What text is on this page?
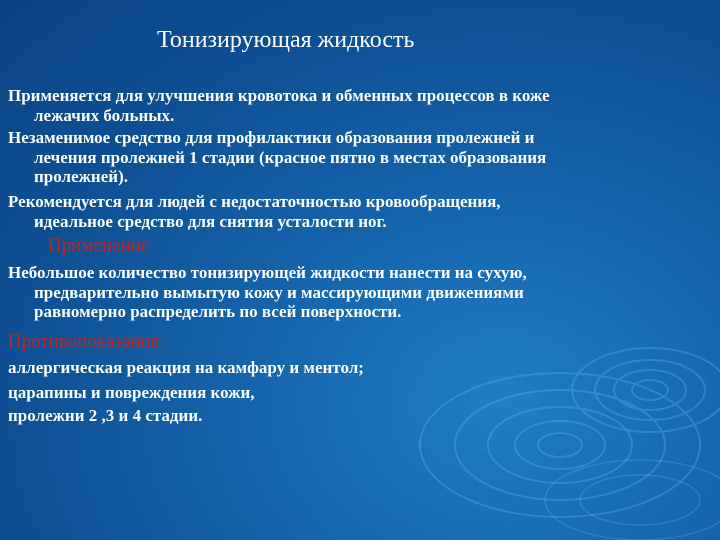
Тонизирующая жидкость
Применяется для улучшения кровотока и обменных процессов в коже
лежачих больных.
Незаменимое средство для профилактики образования пролежней и
лечения пролежней 1 стадии (красное пятно в местах образования
пролежней).
Рекомендуется для людей с недостаточностью кровообращения,
идеальное средство для снятия усталости ног.
Применение
Небольшое количество тонизирующей жидкости нанести на сухую,
предварительно вымытую кожу и массирующими движениями
равномерно распределить по всей поверхности.
Противопоказания:
аллергическая реакция на камфару и ментол;
царапины и повреждения кожи,
пролежни 2 ,3 и 4 стадии.
